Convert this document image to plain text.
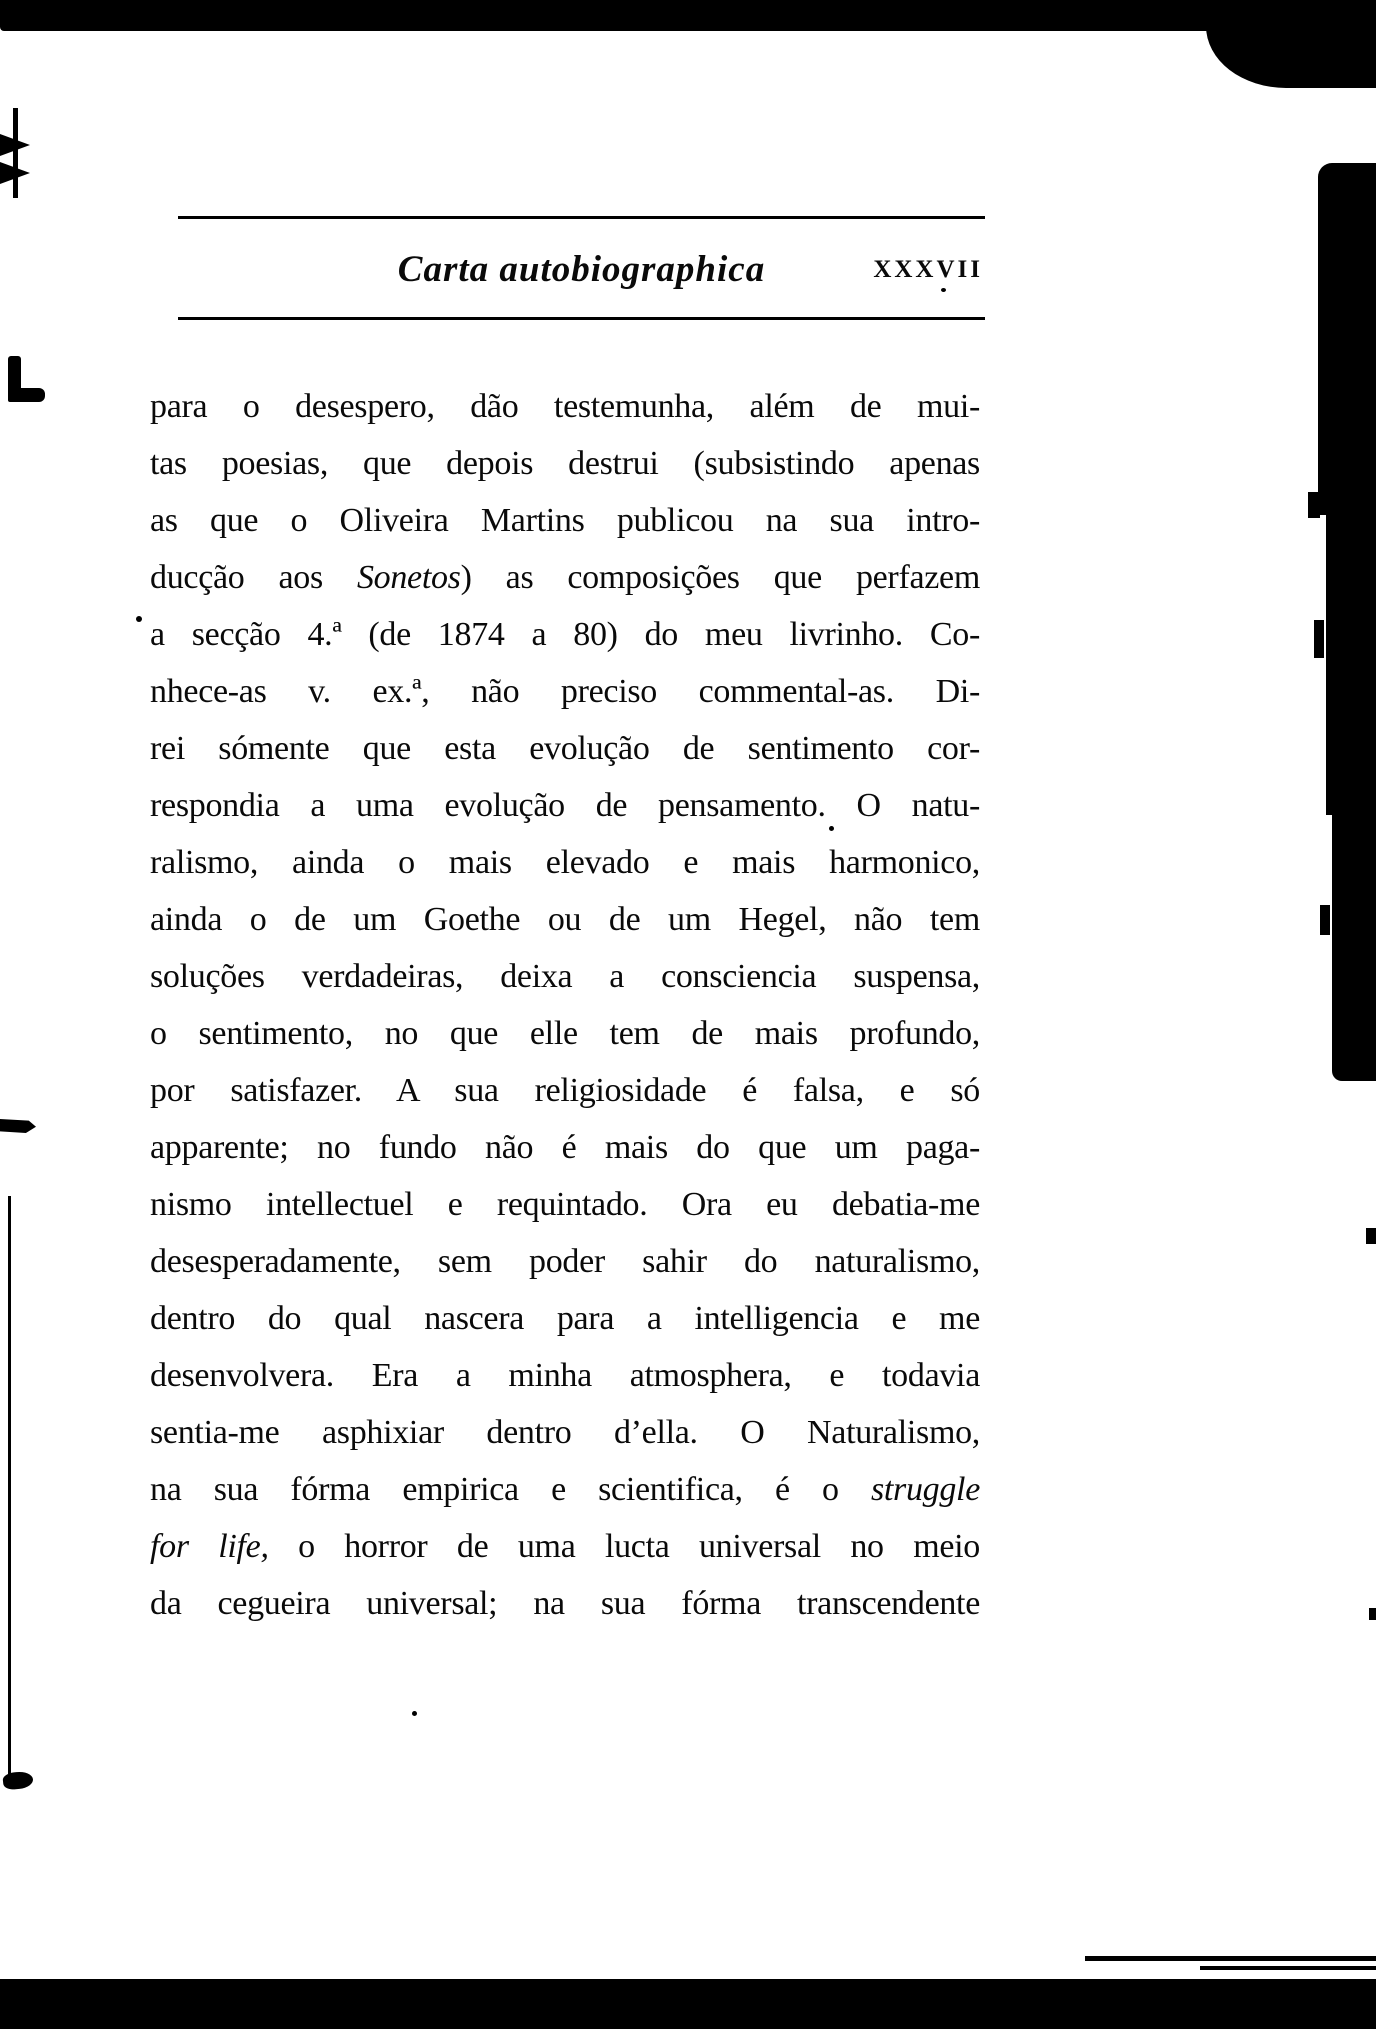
Carta autobiographica	XXXVII
para o desespero, dão testemunha, além de mui-
tas poesias, que depois destrui (subsistindo apenas
as que o Oliveira Martins publicou na sua intro-
ducção aos Sonetos) as composições que perfazem
a secção 4.ª (de 1874 a 80) do meu livrinho. Co-
nhece-as v. ex.ª, não preciso commental-as. Di-
rei sómente que esta evolução de sentimento cor-
respondia a uma evolução de pensamento. O natu-
ralismo, ainda o mais elevado e mais harmonico,
ainda o de um Goethe ou de um Hegel, não tem
soluções verdadeiras, deixa a consciencia suspensa,
o sentimento, no que elle tem de mais profundo,
por satisfazer. A sua religiosidade é falsa, e só
apparente; no fundo não é mais do que um paga-
nismo intellectuel e requintado. Ora eu debatia-me
desesperadamente, sem poder sahir do naturalismo,
dentro do qual nascera para a intelligencia e me
desenvolvera. Era a minha atmosphera, e todavia
sentia-me asphixiar dentro d’ella. O Naturalismo,
na sua fórma empirica e scientifica, é o struggle
for life, o horror de uma lucta universal no meio
da cegueira universal; na sua fórma transcendente
